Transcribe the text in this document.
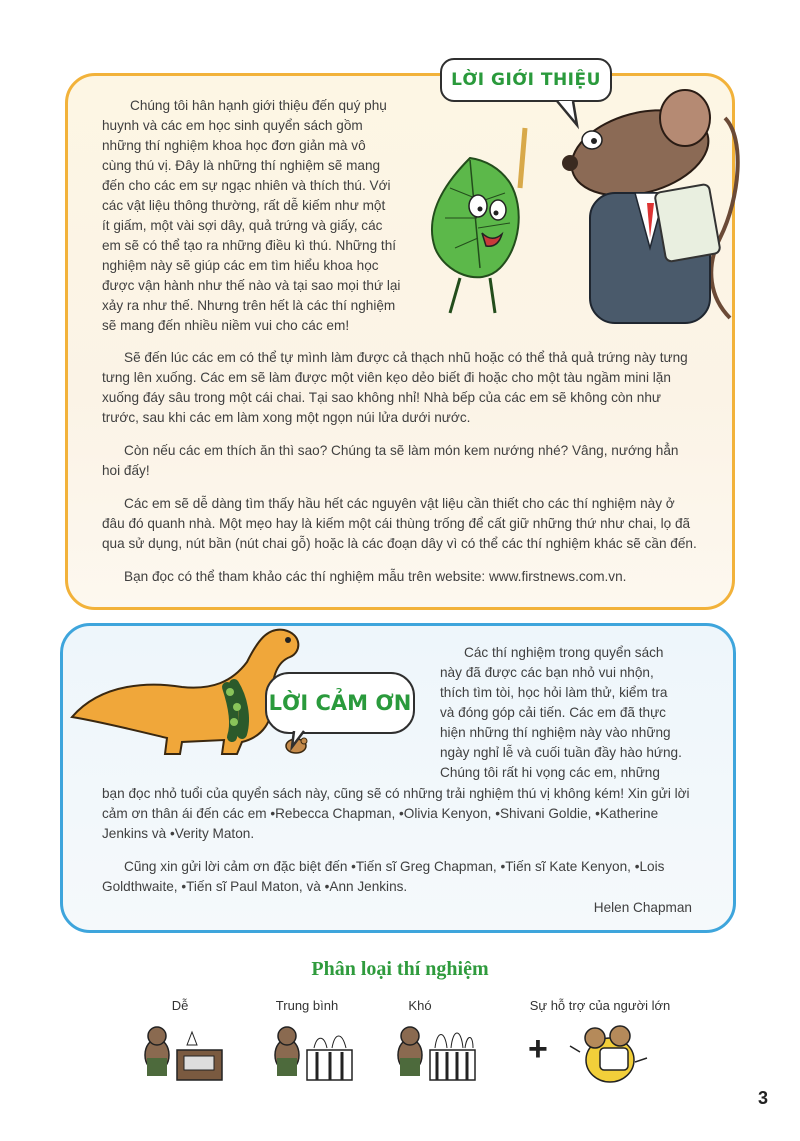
LỜI GIỚI THIỆU
Chúng tôi hân hạnh giới thiệu đến quý phụ
huynh và các em học sinh quyển sách gồm
những thí nghiệm khoa học đơn giản mà vô
cùng thú vị. Đây là những thí nghiệm sẽ mang
đến cho các em sự ngạc nhiên và thích thú. Với
các vật liệu thông thường, rất dễ kiếm như một
ít giấm, một vài sợi dây, quả trứng và giấy, các
em sẽ có thể tạo ra những điều kì thú. Những thí
nghiệm này sẽ giúp các em tìm hiểu khoa học
được vận hành như thế nào và tại sao mọi thứ lại
xảy ra như thế. Nhưng trên hết là các thí nghiệm
sẽ mang đến nhiều niềm vui cho các em!

Sẽ đến lúc các em có thể tự mình làm được cả thạch nhũ hoặc có thể thả quả trứng này tưng tưng lên xuống. Các em sẽ làm được một viên kẹo dẻo biết đi hoặc cho một tàu ngầm mini lặn xuống đáy sâu trong một cái chai. Tại sao không nhỉ! Nhà bếp của các em sẽ không còn như trước, sau khi các em làm xong một ngọn núi lửa dưới nước.

Còn nếu các em thích ăn thì sao? Chúng ta sẽ làm món kem nướng nhé? Vâng, nướng hẳn hoi đấy!

Các em sẽ dễ dàng tìm thấy hầu hết các nguyên vật liệu cần thiết cho các thí nghiệm này ở đâu đó quanh nhà. Một mẹo hay là kiếm một cái thùng trống để cất giữ những thứ như chai, lọ đã qua sử dụng, nút bần (nút chai gỗ) hoặc là các đoạn dây vì có thể các thí nghiệm khác sẽ cần đến.

Bạn đọc có thể tham khảo các thí nghiệm mẫu trên website: www.firstnews.com.vn.

LỜI CẢM ƠN
Các thí nghiệm trong quyển sách
này đã được các bạn nhỏ vui nhộn,
thích tìm tòi, học hỏi làm thử, kiểm tra
và đóng góp cải tiến. Các em đã thực
hiện những thí nghiệm này vào những
ngày nghỉ lễ và cuối tuần đầy hào hứng.
Chúng tôi rất hi vọng các em, những

bạn đọc nhỏ tuổi của quyển sách này, cũng sẽ có những trải nghiệm thú vị không kém! Xin gửi lời cảm ơn thân ái đến các em •Rebecca Chapman, •Olivia Kenyon, •Shivani Goldie, •Katherine Jenkins và •Verity Maton.

Cũng xin gửi lời cảm ơn đặc biệt đến •Tiến sĩ Greg Chapman, •Tiến sĩ Kate Kenyon, •Lois Goldthwaite, •Tiến sĩ Paul Maton, và •Ann Jenkins.

Helen Chapman
Phân loại thí nghiệm
Dễ	Trung bình	Khó	Sự hỗ trợ của người lớn
+
3
